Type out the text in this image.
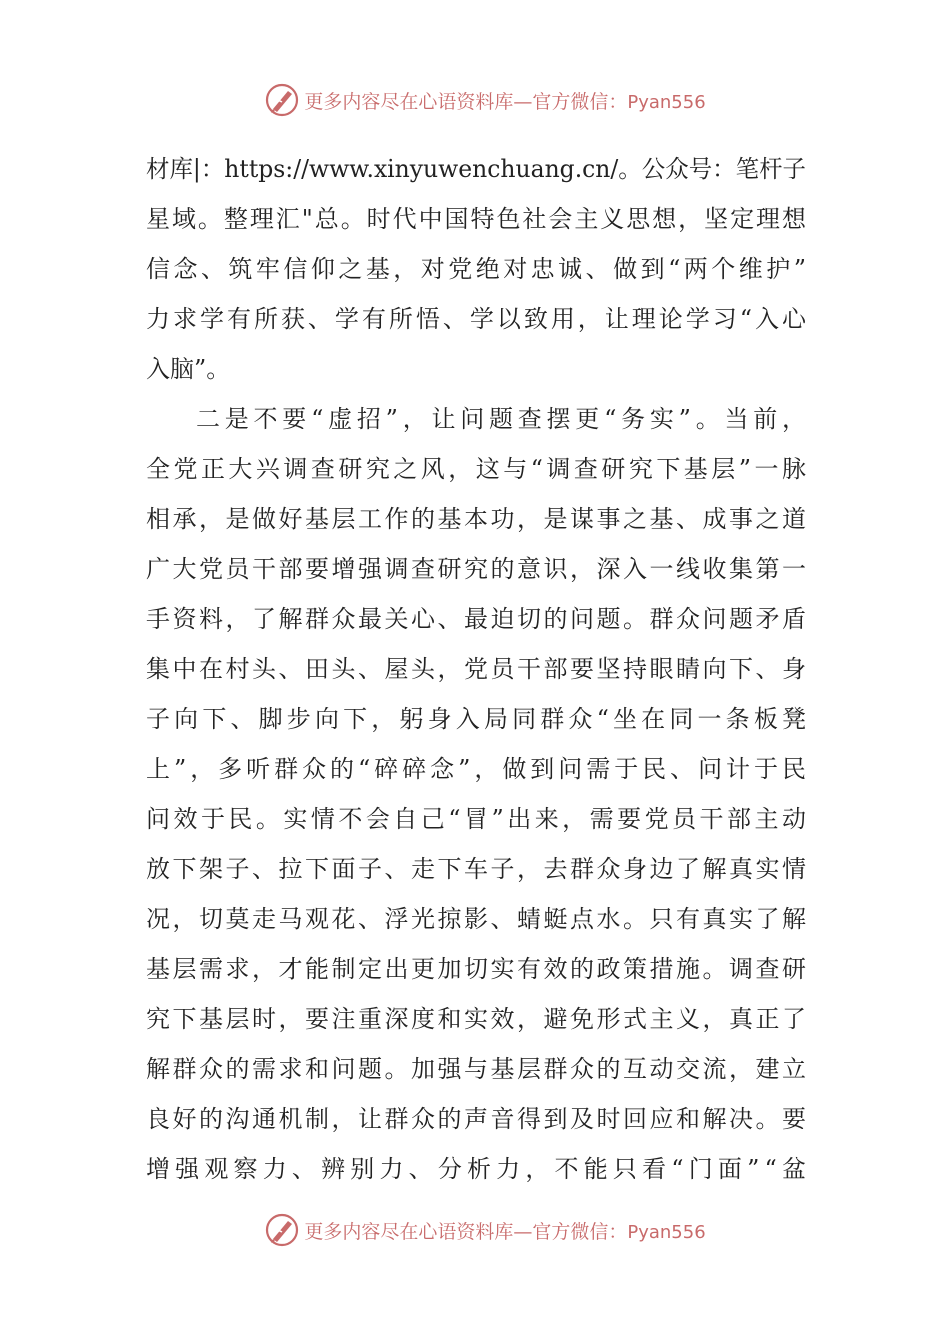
更多内容尽在心语资料库—官方微信：Pyan556
材库|：https://www.xinyuwenchuang.cn/。公众号：笔杆子
星域。整理汇"总。时代中国特色社会主义思想，坚定理想
信念、筑牢信仰之基，对党绝对忠诚、做到“两个维护”
力求学有所获、学有所悟、学以致用，让理论学习“入心
入脑”。
二是不要“虚招”，让问题查摆更“务实”。当前，
全党正大兴调查研究之风，这与“调查研究下基层”一脉
相承，是做好基层工作的基本功，是谋事之基、成事之道
广大党员干部要增强调查研究的意识，深入一线收集第一
手资料，了解群众最关心、最迫切的问题。群众问题矛盾
集中在村头、田头、屋头，党员干部要坚持眼睛向下、身
子向下、脚步向下，躬身入局同群众“坐在同一条板凳
上”，多听群众的“碎碎念”，做到问需于民、问计于民
问效于民。实情不会自己“冒”出来，需要党员干部主动
放下架子、拉下面子、走下车子，去群众身边了解真实情
况，切莫走马观花、浮光掠影、蜻蜓点水。只有真实了解
基层需求，才能制定出更加切实有效的政策措施。调查研
究下基层时，要注重深度和实效，避免形式主义，真正了
解群众的需求和问题。加强与基层群众的互动交流，建立
良好的沟通机制，让群众的声音得到及时回应和解决。要
增强观察力、辨别力、分析力，不能只看“门面”“盆
更多内容尽在心语资料库—官方微信：Pyan556
